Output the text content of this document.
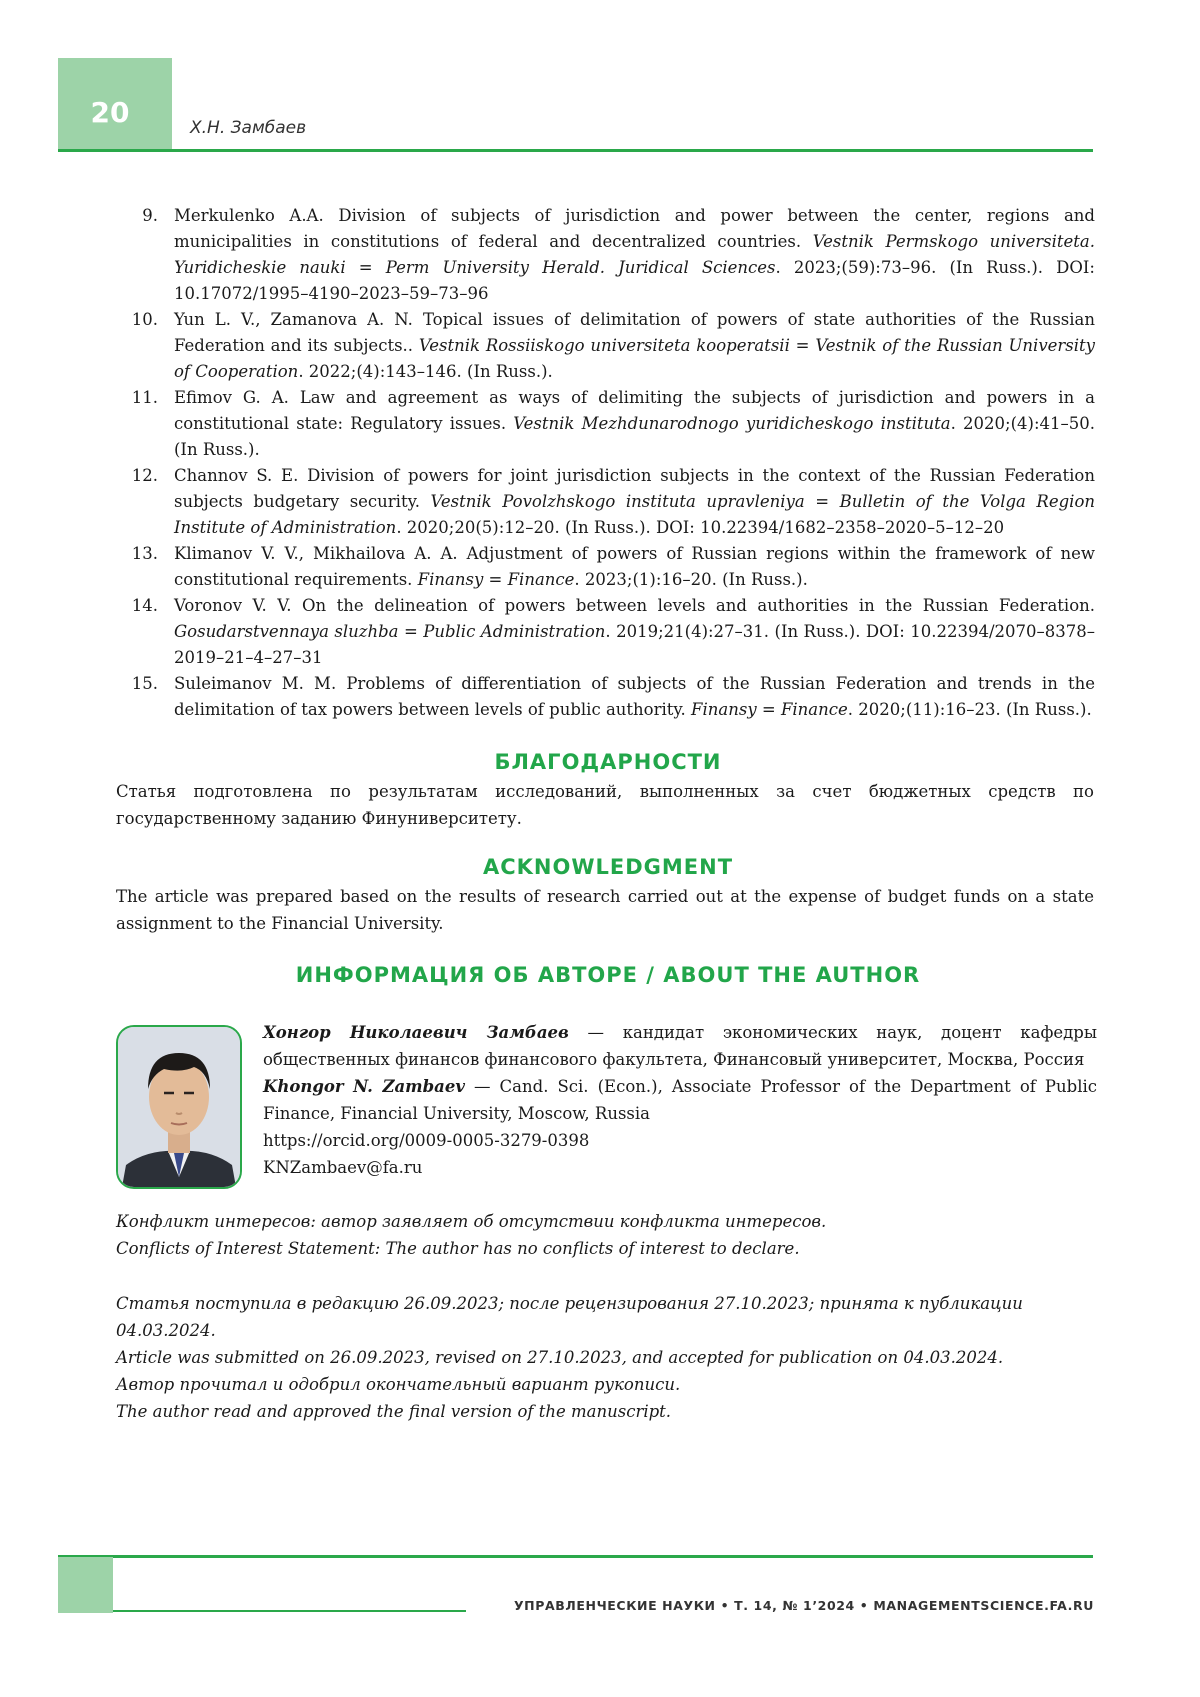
20	Х.Н. Замбаев
9. Merkulenko A.A. Division of subjects of jurisdiction and power between the center, regions and municipalities in constitutions of federal and decentralized countries. Vestnik Permskogo universiteta. Yuridicheskie nauki = Perm University Herald. Juridical Sciences. 2023;(59):73–96. (In Russ.). DOI: 10.17072/1995–4190–2023–59–73–96
10. Yun L. V., Zamanova A. N. Topical issues of delimitation of powers of state authorities of the Russian Federation and its subjects.. Vestnik Rossiiskogo universiteta kooperatsii = Vestnik of the Russian University of Cooperation. 2022;(4):143–146. (In Russ.).
11. Efimov G. A. Law and agreement as ways of delimiting the subjects of jurisdiction and powers in a constitutional state: Regulatory issues. Vestnik Mezhdunarodnogo yuridicheskogo instituta. 2020;(4):41–50. (In Russ.).
12. Channov S. E. Division of powers for joint jurisdiction subjects in the context of the Russian Federation subjects budgetary security. Vestnik Povolzhskogo instituta upravleniya = Bulletin of the Volga Region Institute of Administration. 2020;20(5):12–20. (In Russ.). DOI: 10.22394/1682–2358–2020–5–12–20
13. Klimanov V. V., Mikhailova A. A. Adjustment of powers of Russian regions within the framework of new constitutional requirements. Finansy = Finance. 2023;(1):16–20. (In Russ.).
14. Voronov V. V. On the delineation of powers between levels and authorities in the Russian Federation. Gosudarstvennaya sluzhba = Public Administration. 2019;21(4):27–31. (In Russ.). DOI: 10.22394/2070–8378–2019–21–4–27–31
15. Suleimanov M. M. Problems of differentiation of subjects of the Russian Federation and trends in the delimitation of tax powers between levels of public authority. Finansy = Finance. 2020;(11):16–23. (In Russ.).
БЛАГОДАРНОСТИ
Статья подготовлена по результатам исследований, выполненных за счет бюджетных средств по государственному заданию Финуниверситету.
ACKNOWLEDGMENT
The article was prepared based on the results of research carried out at the expense of budget funds on a state assignment to the Financial University.
ИНФОРМАЦИЯ ОБ АВТОРЕ / ABOUT THE AUTHOR

Хонгор Николаевич Замбаев — кандидат экономических наук, доцент кафедры общественных финансов финансового факультета, Финансовый университет, Москва, Россия

Khongor N. Zambaev — Cand. Sci. (Econ.), Associate Professor of the Department of Public Finance, Financial University, Moscow, Russia

https://orcid.org/0009-0005-3279-0398

KNZambaev@fa.ru

Конфликт интересов: автор заявляет об отсутствии конфликта интересов.

Conflicts of Interest Statement: The author has no conflicts of interest to declare.

Статья поступила в редакцию 26.09.2023; после рецензирования 27.10.2023; принята к публикации 04.03.2024.

Article was submitted on 26.09.2023, revised on 27.10.2023, and accepted for publication on 04.03.2024.

Автор прочитал и одобрил окончательный вариант рукописи.

The author read and approved the final version of the manuscript.

УПРАВЛЕНЧЕСКИЕ НАУКИ • Т. 14, № 1’2024 • MANAGEMENTSCIENCE.FA.RU
